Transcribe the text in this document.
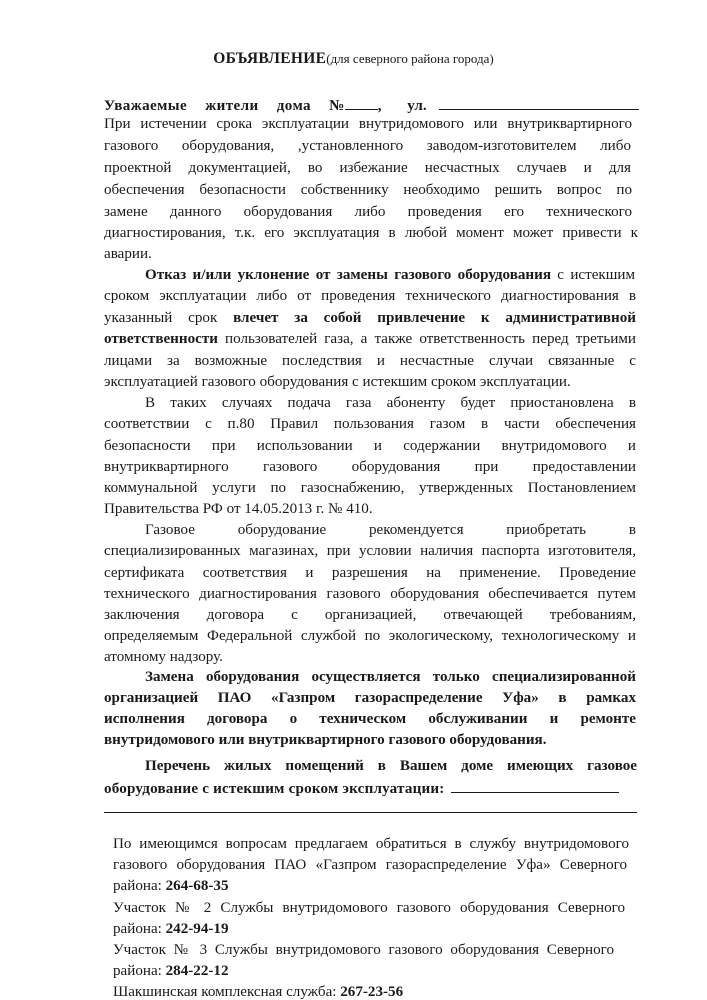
ОБЪЯВЛЕНИЕ(для северного района города)
Уважаемые жители дома № , ул.
При истечении срока эксплуатации внутридомового или внутриквартирного
газового оборудования, ,установленного заводом-изготовителем либо
проектной документацией, во избежание несчастных случаев и для
обеспечения безопасности собственнику необходимо решить вопрос по
замене данного оборудования либо проведения его технического
диагностирования, т.к. его эксплуатация в любой момент может привести к
аварии.
Отказ и/или уклонение от замены газового оборудования с истекшим
сроком эксплуатации либо от проведения технического диагностирования в
указанный срок влечет за собой привлечение к административной
ответственности пользователей газа, а также ответственность перед третьими
лицами за возможные последствия и несчастные случаи связанные с
эксплуатацией газового оборудования с истекшим сроком эксплуатации.
В таких случаях подача газа абоненту будет приостановлена в
соответствии с п.80 Правил пользования газом в части обеспечения
безопасности при использовании и содержании внутридомового и
внутриквартирного газового оборудования при предоставлении
коммунальной услуги по газоснабжению, утвержденных Постановлением
Правительства РФ от 14.05.2013 г. № 410.
Газовое оборудование рекомендуется приобретать в
специализированных магазинах, при условии наличия паспорта изготовителя,
сертификата соответствия и разрешения на применение. Проведение
технического диагностирования газового оборудования обеспечивается путем
заключения договора с организацией, отвечающей требованиям,
определяемым Федеральной службой по экологическому, технологическому и
атомному надзору.
Замена оборудования осуществляется только специализированной
организацией ПАО «Газпром газораспределение Уфа» в рамках
исполнения договора о техническом обслуживании и ремонте
внутридомового или внутриквартирного газового оборудования.
Перечень жилых помещений в Вашем доме имеющих газовое
оборудование с истекшим сроком эксплуатации:
По имеющимся вопросам предлагаем обратиться в службу внутридомового
газового оборудования ПАО «Газпром газораспределение Уфа» Северного
района: 264-68-35
Участок № 2 Службы внутридомового газового оборудования Северного
района: 242-94-19
Участок № 3 Службы внутридомового газового оборудования Северного
района: 284-22-12
Шакшинская комплексная служба: 267-23-56
